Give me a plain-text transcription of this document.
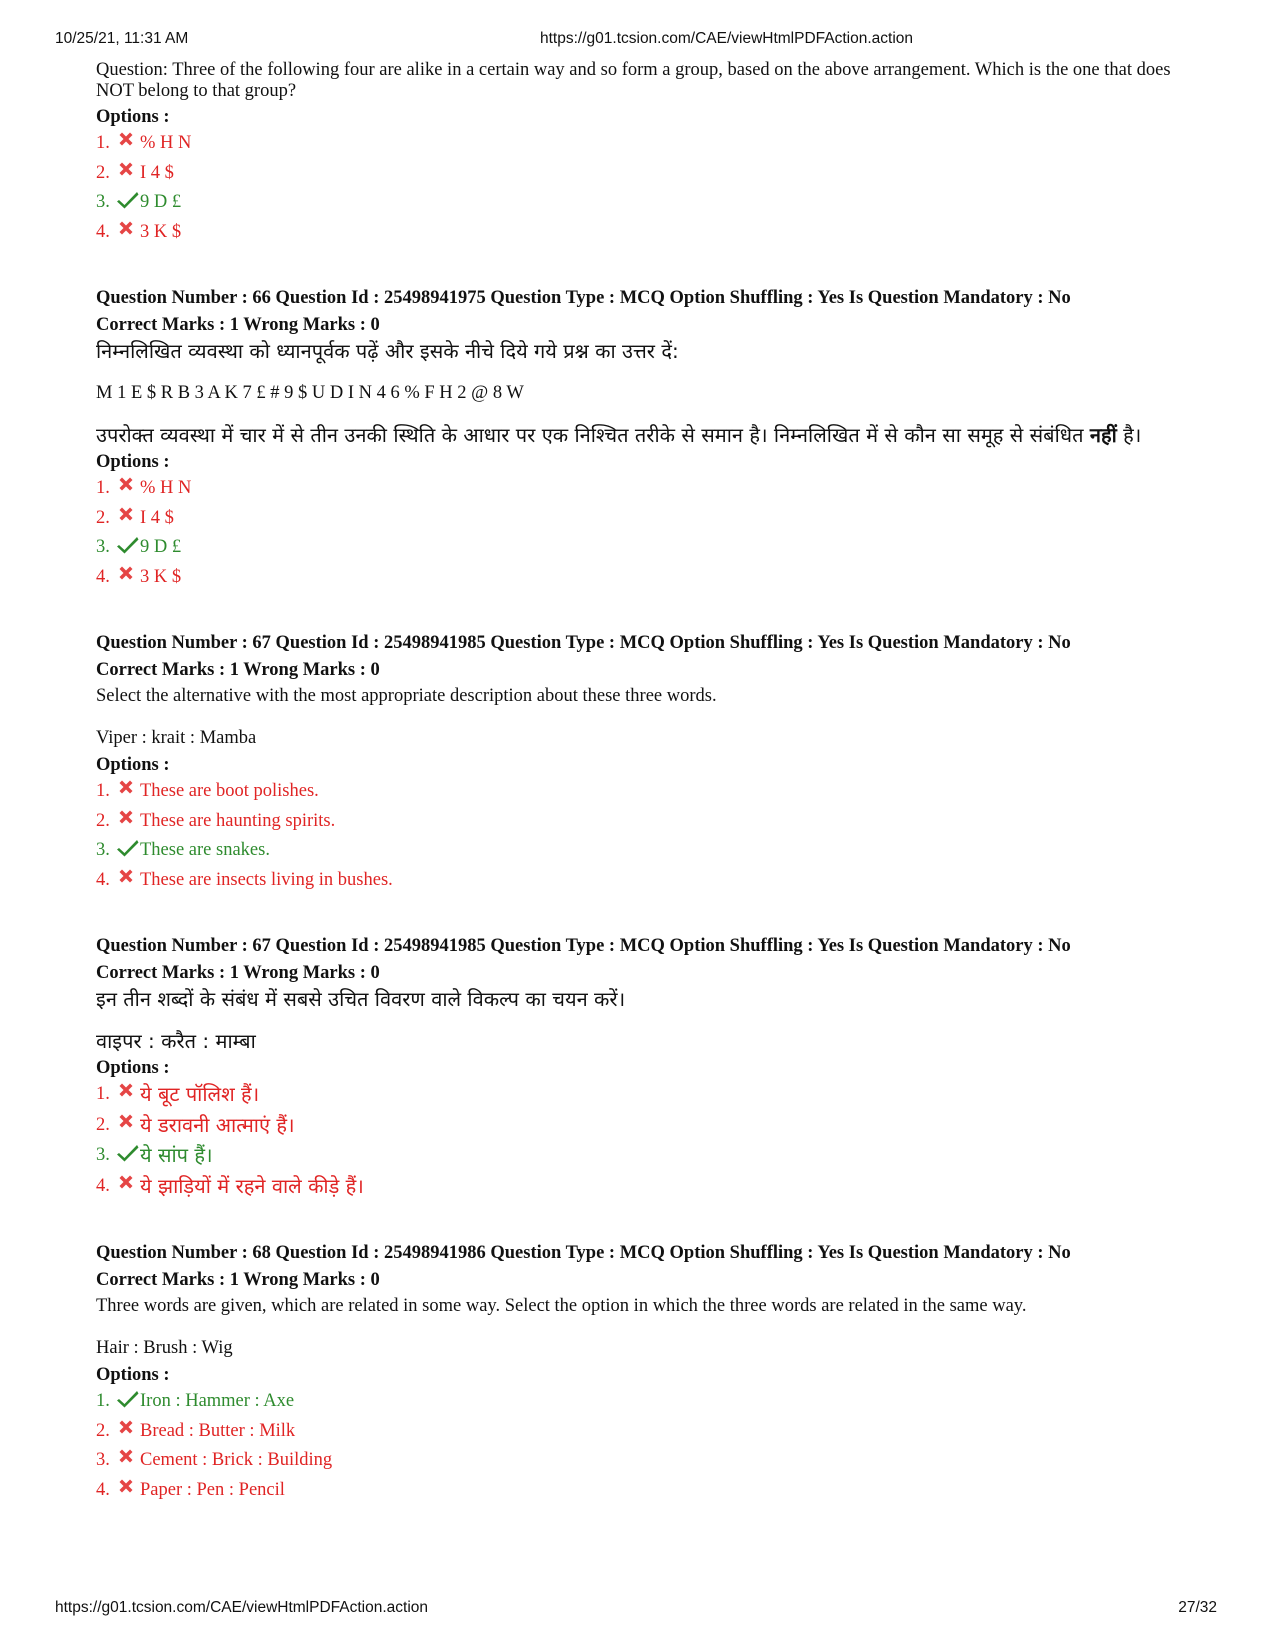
10/25/21, 11:31 AM	https://g01.tcsion.com/CAE/viewHtmlPDFAction.action

Question: Three of the following four are alike in a certain way and so form a group, based on the above arrangement. Which is the one that does NOT belong to that group?

Options :
1.	% H N
2.	I 4 $
3.	9 D £
4.	3 K $

Question Number : 66 Question Id : 25498941975 Question Type : MCQ Option Shuffling : Yes Is Question Mandatory : No

Correct Marks : 1 Wrong Marks : 0

निम्नलिखित व्यवस्था को ध्यानपूर्वक पढ़ें और इसके नीचे दिये गये प्रश्न का उत्तर दें:

M 1 E $ R B 3 A K 7 £ # 9 $ U D I N 4 6 % F H 2 @ 8 W

उपरोक्त व्यवस्था में चार में से तीन उनकी स्थिति के आधार पर एक निश्चित तरीके से समान है। निम्नलिखित में से कौन सा समूह से संबंधित नहीं है।

Options :
1.	% H N
2.	I 4 $
3.	9 D £
4.	3 K $

Question Number : 67 Question Id : 25498941985 Question Type : MCQ Option Shuffling : Yes Is Question Mandatory : No

Correct Marks : 1 Wrong Marks : 0

Select the alternative with the most appropriate description about these three words.

Viper : krait : Mamba

Options :
1.	These are boot polishes.
2.	These are haunting spirits.
3.	These are snakes.
4.	These are insects living in bushes.

Question Number : 67 Question Id : 25498941985 Question Type : MCQ Option Shuffling : Yes Is Question Mandatory : No

Correct Marks : 1 Wrong Marks : 0

इन तीन शब्दों के संबंध में सबसे उचित विवरण वाले विकल्प का चयन करें।

वाइपर : करैत : माम्बा

Options :
1.	ये बूट पॉलिश हैं।
2.	ये डरावनी आत्माएं हैं।
3.	ये सांप हैं।
4.	ये झाड़ियों में रहने वाले कीड़े हैं।

Question Number : 68 Question Id : 25498941986 Question Type : MCQ Option Shuffling : Yes Is Question Mandatory : No

Correct Marks : 1 Wrong Marks : 0

Three words are given, which are related in some way. Select the option in which the three words are related in the same way.

Hair : Brush : Wig

Options :
1.	Iron : Hammer : Axe
2.	Bread : Butter : Milk
3.	Cement : Brick : Building
4.	Paper : Pen : Pencil
https://g01.tcsion.com/CAE/viewHtmlPDFAction.action	27/32
